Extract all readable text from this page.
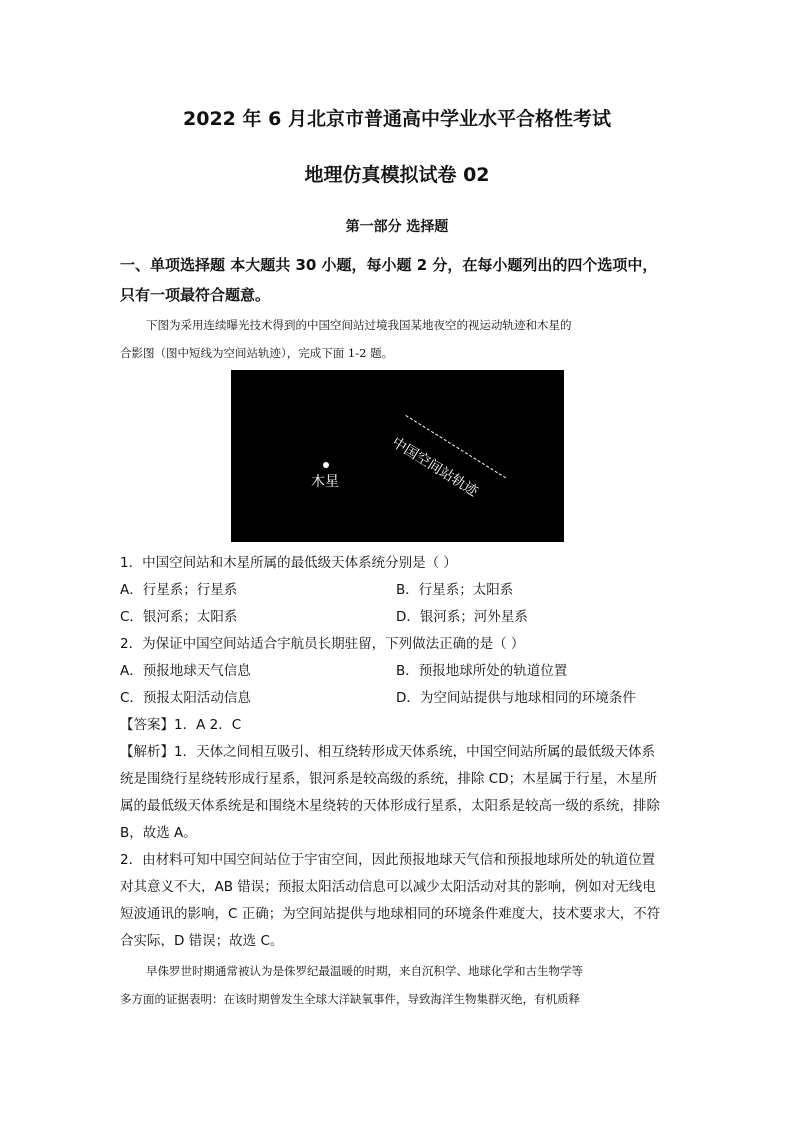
2022 年 6 月北京市普通高中学业水平合格性考试
地理仿真模拟试卷 02
第一部分 选择题
一、单项选择题 本大题共 30 小题，每小题 2 分，在每小题列出的四个选项中，
只有一项最符合题意。
下图为采用连续曝光技术得到的中国空间站过境我国某地夜空的视运动轨迹和木星的
合影图（图中短线为空间站轨迹），完成下面 1-2 题。
中国空间站轨迹
木星
1．中国空间站和木星所属的最低级天体系统分别是（ ）
A．行星系；行星系	B．行星系；太阳系
C．银河系；太阳系	D．银河系；河外星系
2．为保证中国空间站适合宇航员长期驻留，下列做法正确的是（ ）
A．预报地球天气信息	B．预报地球所处的轨道位置
C．预报太阳活动信息	D．为空间站提供与地球相同的环境条件
【答案】1．A 2．C
【解析】1．天体之间相互吸引、相互绕转形成天体系统，中国空间站所属的最低级天体系
统是围绕行星绕转形成行星系，银河系是较高级的系统，排除 CD；木星属于行星，木星所
属的最低级天体系统是和围绕木星绕转的天体形成行星系，太阳系是较高一级的系统，排除
B，故选 A。
2．由材料可知中国空间站位于宇宙空间，因此预报地球天气信和预报地球所处的轨道位置
对其意义不大，AB 错误；预报太阳活动信息可以减少太阳活动对其的影响，例如对无线电
短波通讯的影响，C 正确；为空间站提供与地球相同的环境条件难度大，技术要求大，不符
合实际，D 错误；故选 C。
早侏罗世时期通常被认为是侏罗纪最温暖的时期，来自沉积学、地球化学和古生物学等
多方面的证据表明：在该时期曾发生全球大洋缺氧事件，导致海洋生物集群灭绝，有机质释
